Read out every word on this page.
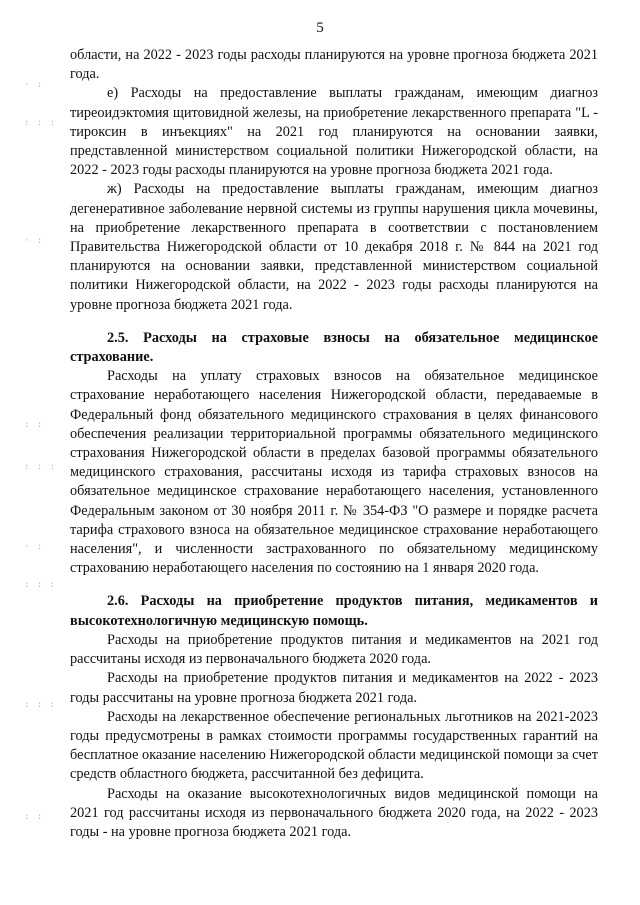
5
· :
: : :
· :
: :
: : :
· :
: : :
: : :
: :

области, на 2022 - 2023 годы расходы планируются на уровне прогноза бюджета 2021 года.

е) Расходы на предоставление выплаты гражданам, имеющим диагноз тиреоидэктомия щитовидной железы, на приобретение лекарственного препарата "L - тироксин в инъекциях" на 2021 год планируются на основании заявки, представленной министерством социальной политики Нижегородской области, на 2022 - 2023 годы расходы планируются на уровне прогноза бюджета 2021 года.

ж) Расходы на предоставление выплаты гражданам, имеющим диагноз дегенеративное заболевание нервной системы из группы нарушения цикла мочевины, на приобретение лекарственного препарата в соответствии с постановлением Правительства Нижегородской области от 10 декабря 2018 г. № 844 на 2021 год планируются на основании заявки, представленной министерством социальной политики Нижегородской области, на 2022 - 2023 годы расходы планируются на уровне прогноза бюджета 2021 года.

2.5. Расходы на страховые взносы на обязательное медицинское страхование.

Расходы на уплату страховых взносов на обязательное медицинское страхование неработающего населения Нижегородской области, передаваемые в Федеральный фонд обязательного медицинского страхования в целях финансового обеспечения реализации территориальной программы обязательного медицинского страхования Нижегородской области в пределах базовой программы обязательного медицинского страхования, рассчитаны исходя из тарифа страховых взносов на обязательное медицинское страхование неработающего населения, установленного Федеральным законом от 30 ноября 2011 г. № 354-ФЗ "О размере и порядке расчета тарифа страхового взноса на обязательное медицинское страхование неработающего населения", и численности застрахованного по обязательному медицинскому страхованию неработающего населения по состоянию на 1 января 2020 года.

2.6. Расходы на приобретение продуктов питания, медикаментов и высокотехнологичную медицинскую помощь.

Расходы на приобретение продуктов питания и медикаментов на 2021 год рассчитаны исходя из первоначального бюджета 2020 года.

Расходы на приобретение продуктов питания и медикаментов на 2022 - 2023 годы рассчитаны на уровне прогноза бюджета 2021 года.

Расходы на лекарственное обеспечение региональных льготников на 2021-2023 годы предусмотрены в рамках стоимости программы государственных гарантий на бесплатное оказание населению Нижегородской области медицинской помощи за счет средств областного бюджета, рассчитанной без дефицита.

Расходы на оказание высокотехнологичных видов медицинской помощи на 2021 год рассчитаны исходя из первоначального бюджета 2020 года, на 2022 - 2023 годы - на уровне прогноза бюджета 2021 года.
